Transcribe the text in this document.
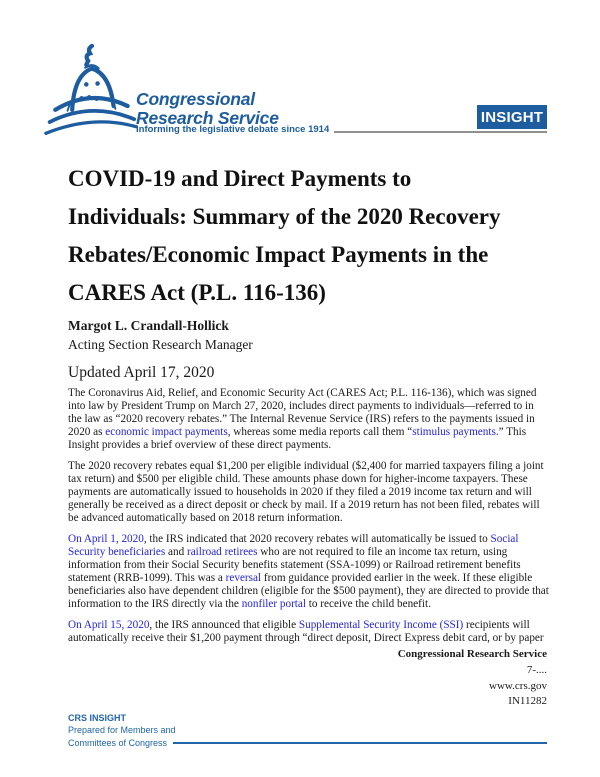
Congressional
Research Service
Informing the legislative debate since 1914
INSIGHT
COVID-19 and Direct Payments to
Individuals: Summary of the 2020 Recovery
Rebates/Economic Impact Payments in the
CARES Act (P.L. 116-136)
Margot L. Crandall-Hollick
Acting Section Research Manager
Updated April 17, 2020

The Coronavirus Aid, Relief, and Economic Security Act (CARES Act; P.L. 116-136), which was signed into law by President Trump on March 27, 2020, includes direct payments to individuals—referred to in the law as “2020 recovery rebates.” The Internal Revenue Service (IRS) refers to the payments issued in 2020 as economic impact payments, whereas some media reports call them “stimulus payments.” This Insight provides a brief overview of these direct payments.

The 2020 recovery rebates equal $1,200 per eligible individual ($2,400 for married taxpayers filing a joint tax return) and $500 per eligible child. These amounts phase down for higher-income taxpayers. These payments are automatically issued to households in 2020 if they filed a 2019 income tax return and will generally be received as a direct deposit or check by mail. If a 2019 return has not been filed, rebates will be advanced automatically based on 2018 return information.

On April 1, 2020, the IRS indicated that 2020 recovery rebates will automatically be issued to Social Security beneficiaries and railroad retirees who are not required to file an income tax return, using information from their Social Security benefits statement (SSA-1099) or Railroad retirement benefits statement (RRB-1099). This was a reversal from guidance provided earlier in the week. If these eligible beneficiaries also have dependent children (eligible for the $500 payment), they are directed to provide that information to the IRS directly via the nonfiler portal to receive the child benefit.

On April 15, 2020, the IRS announced that eligible Supplemental Security Income (SSI) recipients will automatically receive their $1,200 payment through “direct deposit, Direct Express debit card, or by paper

Congressional Research Service
7-....
www.crs.gov
IN11282
CRS INSIGHT
Prepared for Members and
Committees of Congress
